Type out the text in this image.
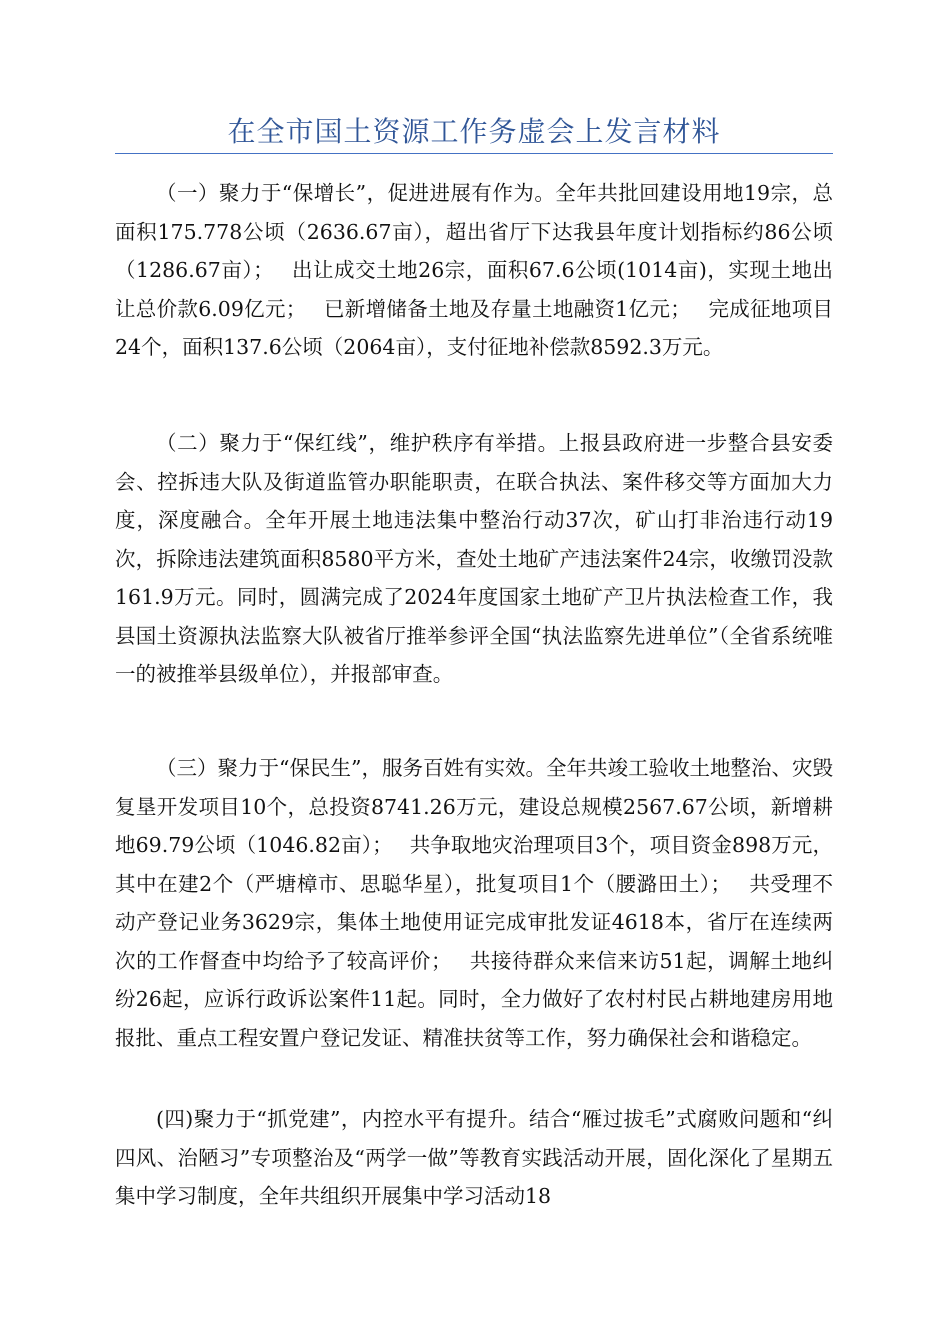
在全市国土资源工作务虚会上发言材料

（一）聚力于“保增长”，促进进展有作为。全年共批回建设用地19宗，总面积175.778公顷（2636.67亩），超出省厅下达我县年度计划指标约86公顷（1286.67亩）；　 出让成交土地26宗，面积67.6公顷(1014亩)，实现土地出让总价款6.09亿元；　 已新增储备土地及存量土地融资1亿元；　 完成征地项目24个，面积137.6公顷（2064亩），支付征地补偿款8592.3万元。

（二）聚力于“保红线”，维护秩序有举措。上报县政府进一步整合县安委会、控拆违大队及街道监管办职能职责，在联合执法、案件移交等方面加大力度，深度融合。全年开展土地违法集中整治行动37次，矿山打非治违行动19次，拆除违法建筑面积8580平方米，查处土地矿产违法案件24宗，收缴罚没款161.9万元。同时，圆满完成了2024年度国家土地矿产卫片执法检查工作，我县国土资源执法监察大队被省厅推举参评全国“执法监察先进单位”（全省系统唯一的被推举县级单位），并报部审查。

（三）聚力于“保民生”，服务百姓有实效。全年共竣工验收土地整治、灾毁复垦开发项目10个，总投资8741.26万元，建设总规模2567.67公顷，新增耕地69.79公顷（1046.82亩）；　 共争取地灾治理项目3个，项目资金898万元，其中在建2个（严塘樟市、思聪华星），批复项目1个（腰潞田土）；　 共受理不动产登记业务3629宗，集体土地使用证完成审批发证4618本，省厅在连续两次的工作督查中均给予了较高评价；　 共接待群众来信来访51起，调解土地纠纷26起，应诉行政诉讼案件11起。同时，全力做好了农村村民占耕地建房用地报批、重点工程安置户登记发证、精准扶贫等工作，努力确保社会和谐稳定。

(四)聚力于“抓党建”，内控水平有提升。结合“雁过拔毛”式腐败问题和“纠四风、治陋习”专项整治及“两学一做”等教育实践活动开展，固化深化了星期五集中学习制度，全年共组织开展集中学习活动18
